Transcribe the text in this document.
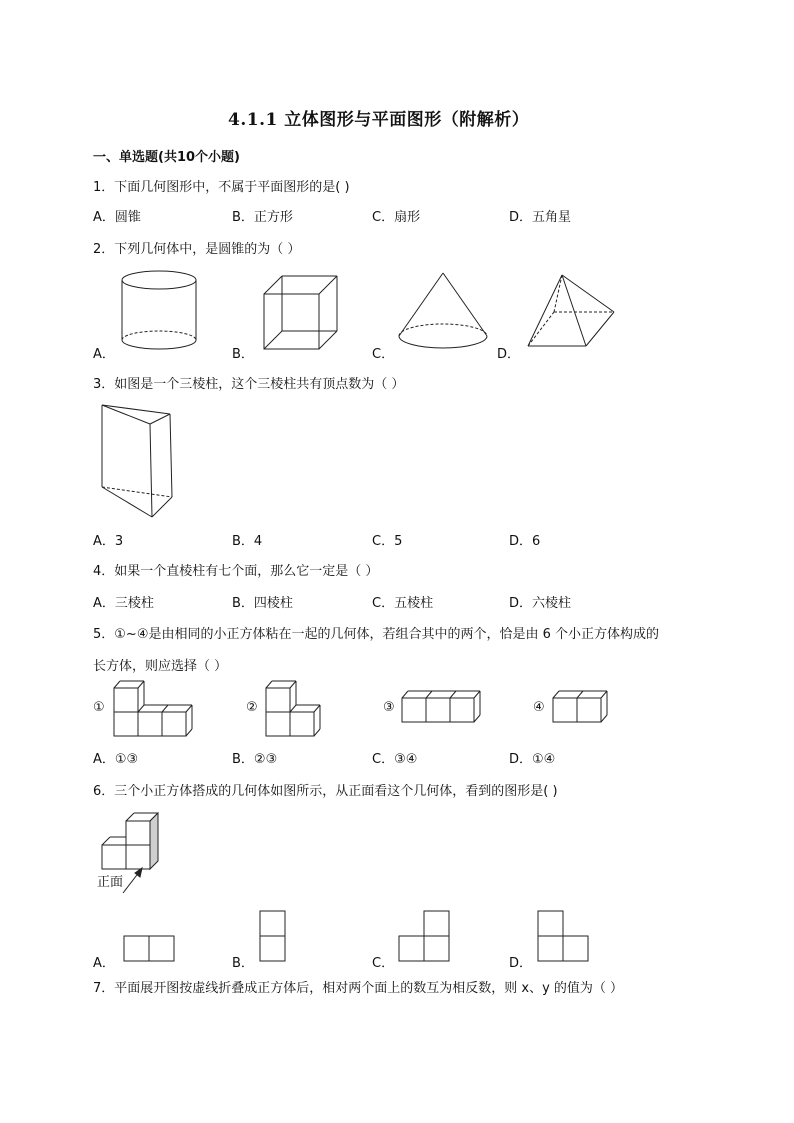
4.1.1 立体图形与平面图形（附解析）
一、单选题(共10个小题)
1．下面几何图形中，不属于平面图形的是( )
A．圆锥	B．正方形	C．扇形	D．五角星
2．下列几何体中，是圆锥的为（ ）
A．	B．	C．	D．
3．如图是一个三棱柱，这个三棱柱共有顶点数为（ ）
A．3	B．4	C．5	D．6
4．如果一个直棱柱有七个面，那么它一定是（ ）
A．三棱柱	B．四棱柱	C．五棱柱	D．六棱柱
5．①~④是由相同的小正方体粘在一起的几何体，若组合其中的两个，恰是由 6 个小正方体构成的
长方体，则应选择（ ）
①	②	③	④
A．①③	B．②③	C．③④	D．①④
6．三个小正方体搭成的几何体如图所示，从正面看这个几何体，看到的图形是( )
正面
A．	B．	C．	D．
7．平面展开图按虚线折叠成正方体后，相对两个面上的数互为相反数，则 x、y 的值为（ ）
